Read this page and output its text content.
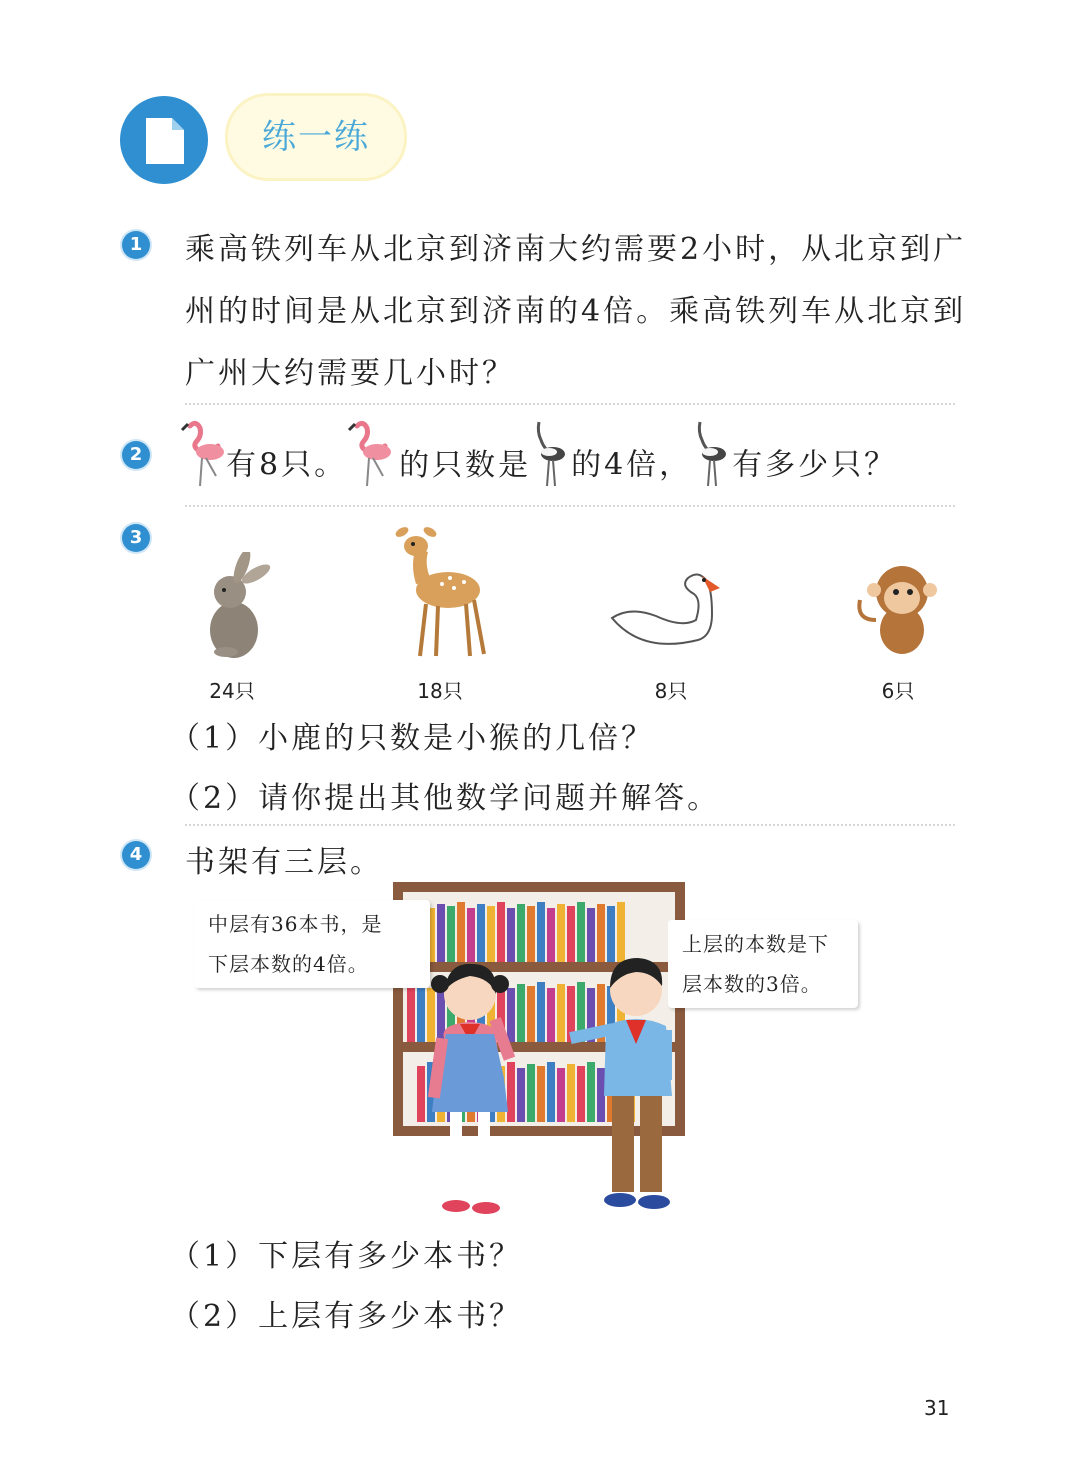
练一练
1 乘高铁列车从北京到济南大约需要2小时，从北京到广
州的时间是从北京到济南的4倍。乘高铁列车从北京到
广州大约需要几小时？
2	有8只。 的只数是 的4倍， 有多少只？
3
24只	18只	8只	6只
（1）小鹿的只数是小猴的几倍？
（2）请你提出其他数学问题并解答。
4 书架有三层。
中层有36本书，是
下层本数的4倍。
上层的本数是下
层本数的3倍。
（1）下层有多少本书？
（2）上层有多少本书？
31
